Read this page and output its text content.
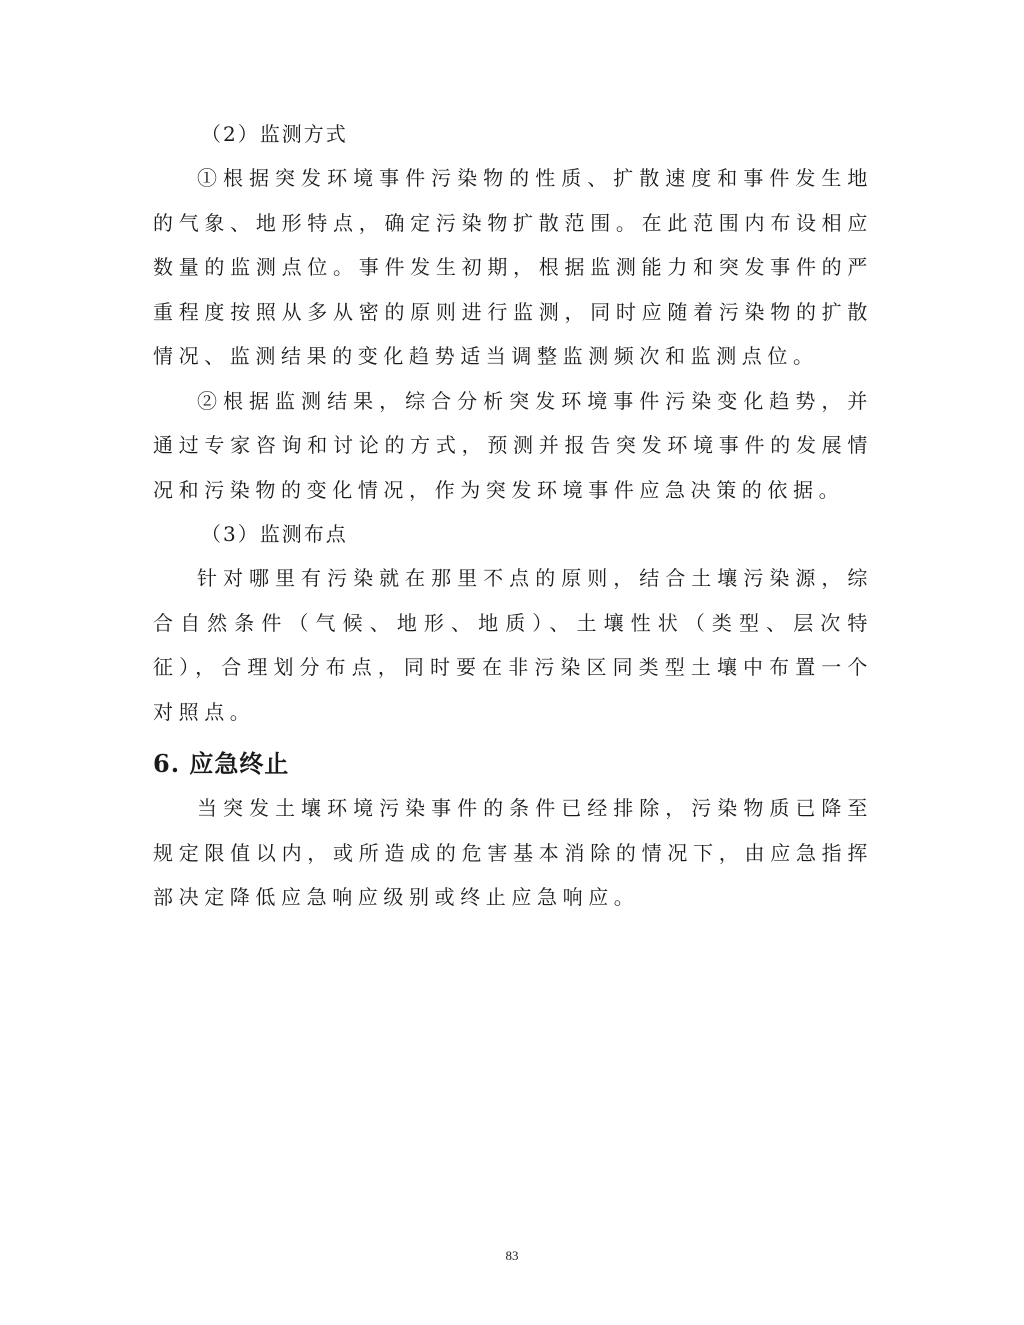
（2）监测方式

①根据突发环境事件污染物的性质、扩散速度和事件发生地的气象、地形特点，确定污染物扩散范围。在此范围内布设相应数量的监测点位。事件发生初期，根据监测能力和突发事件的严重程度按照从多从密的原则进行监测，同时应随着污染物的扩散情况、监测结果的变化趋势适当调整监测频次和监测点位。

②根据监测结果，综合分析突发环境事件污染变化趋势，并通过专家咨询和讨论的方式，预测并报告突发环境事件的发展情况和污染物的变化情况，作为突发环境事件应急决策的依据。

（3）监测布点

针对哪里有污染就在那里不点的原则，结合土壤污染源，综合自然条件（气候、地形、地质）、土壤性状（类型、层次特征），合理划分布点，同时要在非污染区同类型土壤中布置一个对照点。

6. 应急终止

当突发土壤环境污染事件的条件已经排除，污染物质已降至规定限值以内，或所造成的危害基本消除的情况下，由应急指挥部决定降低应急响应级别或终止应急响应。

83
